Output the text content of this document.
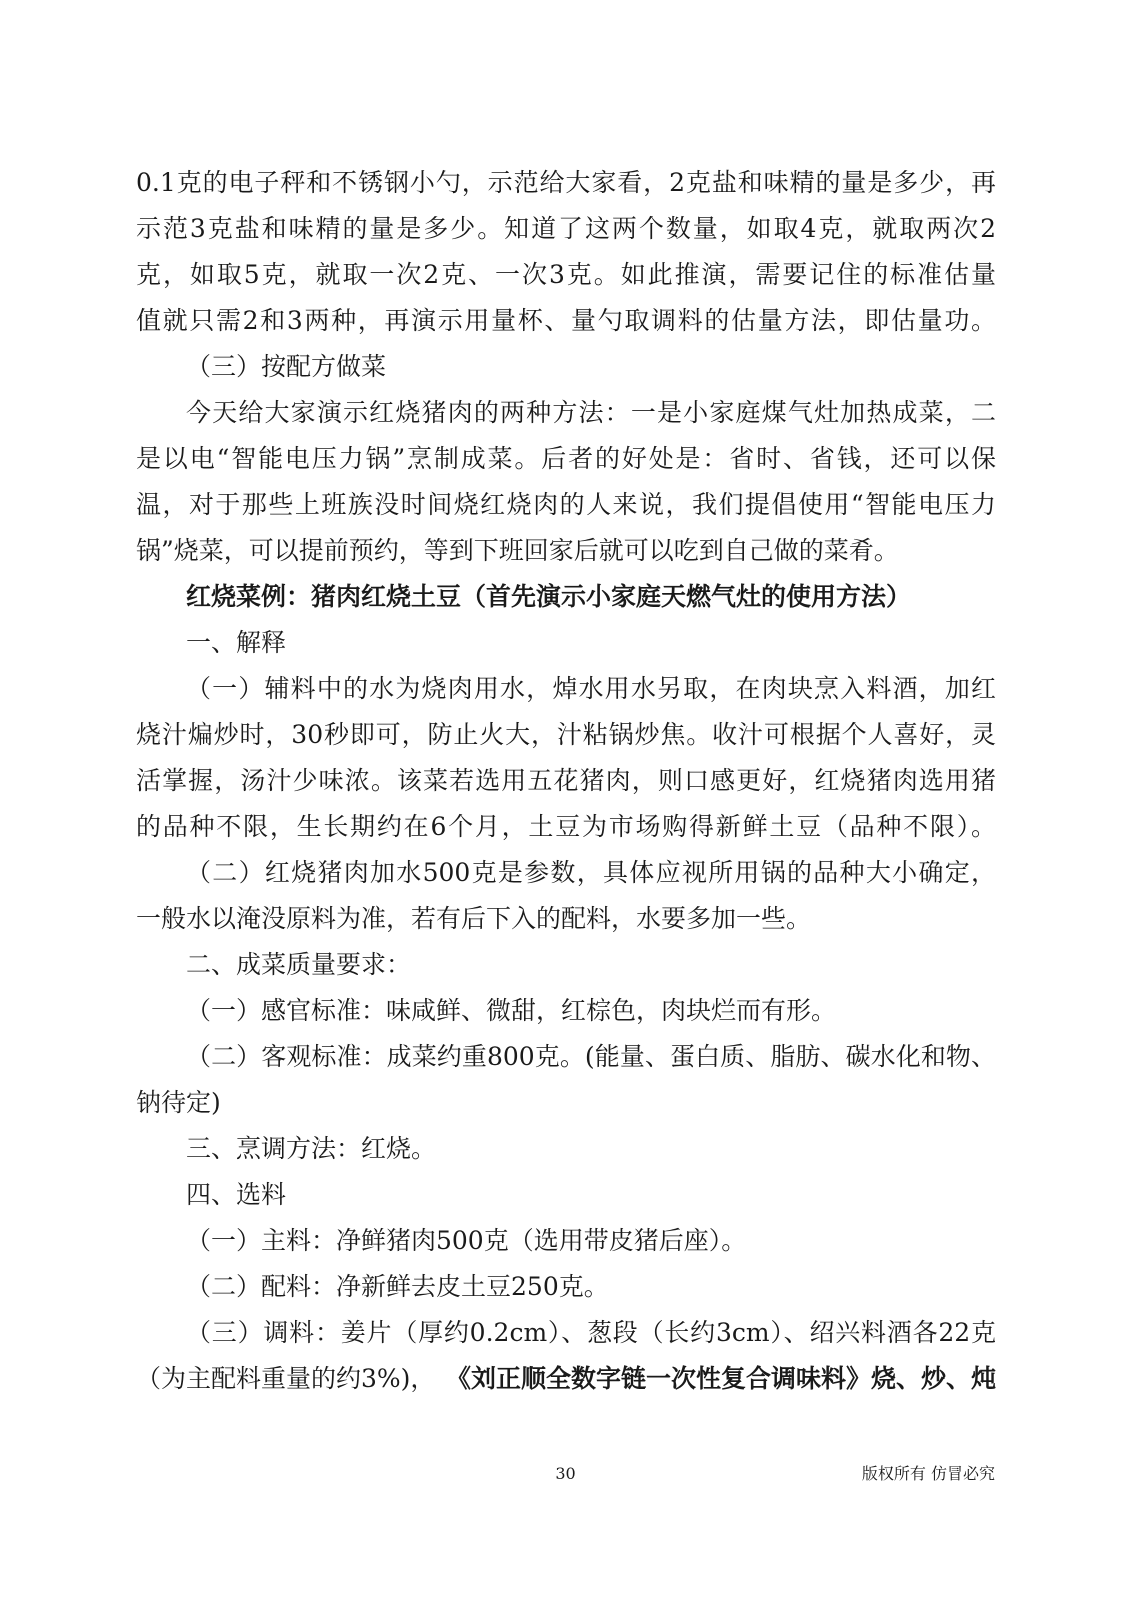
0.1克的电子秤和不锈钢小勺，示范给大家看，2克盐和味精的量是多少，再
示范3克盐和味精的量是多少。知道了这两个数量，如取4克，就取两次2
克，如取5克，就取一次2克、一次3克。如此推演，需要记住的标准估量
值就只需2和3两种，再演示用量杯、量勺取调料的估量方法，即估量功。
（三）按配方做菜
今天给大家演示红烧猪肉的两种方法：一是小家庭煤气灶加热成菜，二
是以电“智能电压力锅”烹制成菜。后者的好处是：省时、省钱，还可以保
温，对于那些上班族没时间烧红烧肉的人来说，我们提倡使用“智能电压力
锅”烧菜，可以提前预约，等到下班回家后就可以吃到自己做的菜肴。
红烧菜例：猪肉红烧土豆（首先演示小家庭天燃气灶的使用方法）
一、解释
（一）辅料中的水为烧肉用水，焯水用水另取，在肉块烹入料酒，加红
烧汁煸炒时，30秒即可，防止火大，汁粘锅炒焦。收汁可根据个人喜好，灵
活掌握，汤汁少味浓。该菜若选用五花猪肉，则口感更好，红烧猪肉选用猪
的品种不限，生长期约在6个月，土豆为市场购得新鲜土豆（品种不限）。
（二）红烧猪肉加水500克是参数，具体应视所用锅的品种大小确定，
一般水以淹没原料为准，若有后下入的配料，水要多加一些。
二、成菜质量要求：
（一）感官标准：味咸鲜、微甜，红棕色，肉块烂而有形。
（二）客观标准：成菜约重800克。(能量、蛋白质、脂肪、碳水化和物、
钠待定)
三、烹调方法：红烧。
四、选料
（一）主料：净鲜猪肉500克（选用带皮猪后座）。
（二）配料：净新鲜去皮土豆250克。
（三）调料：姜片（厚约0.2cm）、葱段（长约3cm）、绍兴料酒各22克
（为主配料重量的约3%)， 《刘正顺全数字链一次性复合调味料》烧、炒、炖
30	版权所有 仿冒必究
